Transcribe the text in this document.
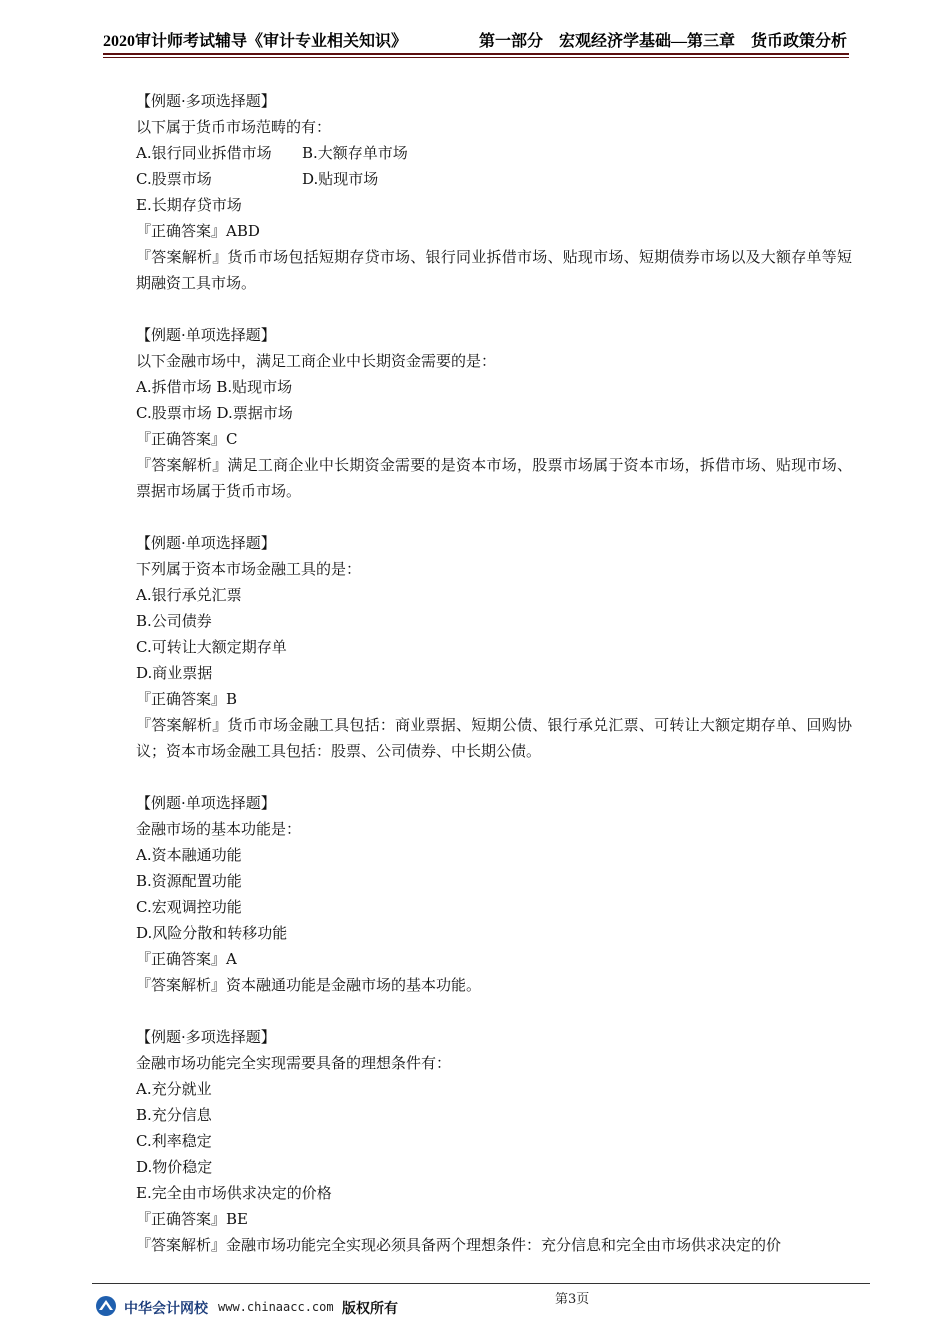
2020审计师考试辅导《审计专业相关知识》	第一部分　宏观经济学基础—第三章　货币政策分析
【例题·多项选择题】
以下属于货币市场范畴的有：
A.银行同业拆借市场	B.大额存单市场
C.股票市场	D.贴现市场
E.长期存贷市场
『正确答案』ABD
『答案解析』货币市场包括短期存贷市场、银行同业拆借市场、贴现市场、短期债券市场以及大额存单等短期融资工具市场。
【例题·单项选择题】
以下金融市场中，满足工商企业中长期资金需要的是：
A.拆借市场 B.贴现市场
C.股票市场 D.票据市场
『正确答案』C
『答案解析』满足工商企业中长期资金需要的是资本市场，股票市场属于资本市场，拆借市场、贴现市场、票据市场属于货币市场。
【例题·单项选择题】
下列属于资本市场金融工具的是：
A.银行承兑汇票
B.公司债券
C.可转让大额定期存单
D.商业票据
『正确答案』B
『答案解析』货币市场金融工具包括：商业票据、短期公债、银行承兑汇票、可转让大额定期存单、回购协议；资本市场金融工具包括：股票、公司债券、中长期公债。
【例题·单项选择题】
金融市场的基本功能是：
A.资本融通功能
B.资源配置功能
C.宏观调控功能
D.风险分散和转移功能
『正确答案』A
『答案解析』资本融通功能是金融市场的基本功能。
【例题·多项选择题】
金融市场功能完全实现需要具备的理想条件有：
A.充分就业
B.充分信息
C.利率稳定
D.物价稳定
E.完全由市场供求决定的价格
『正确答案』BE
『答案解析』金融市场功能完全实现必须具备两个理想条件：充分信息和完全由市场供求决定的价
第3页
中华会计网校 www.chinaacc.com 版权所有
